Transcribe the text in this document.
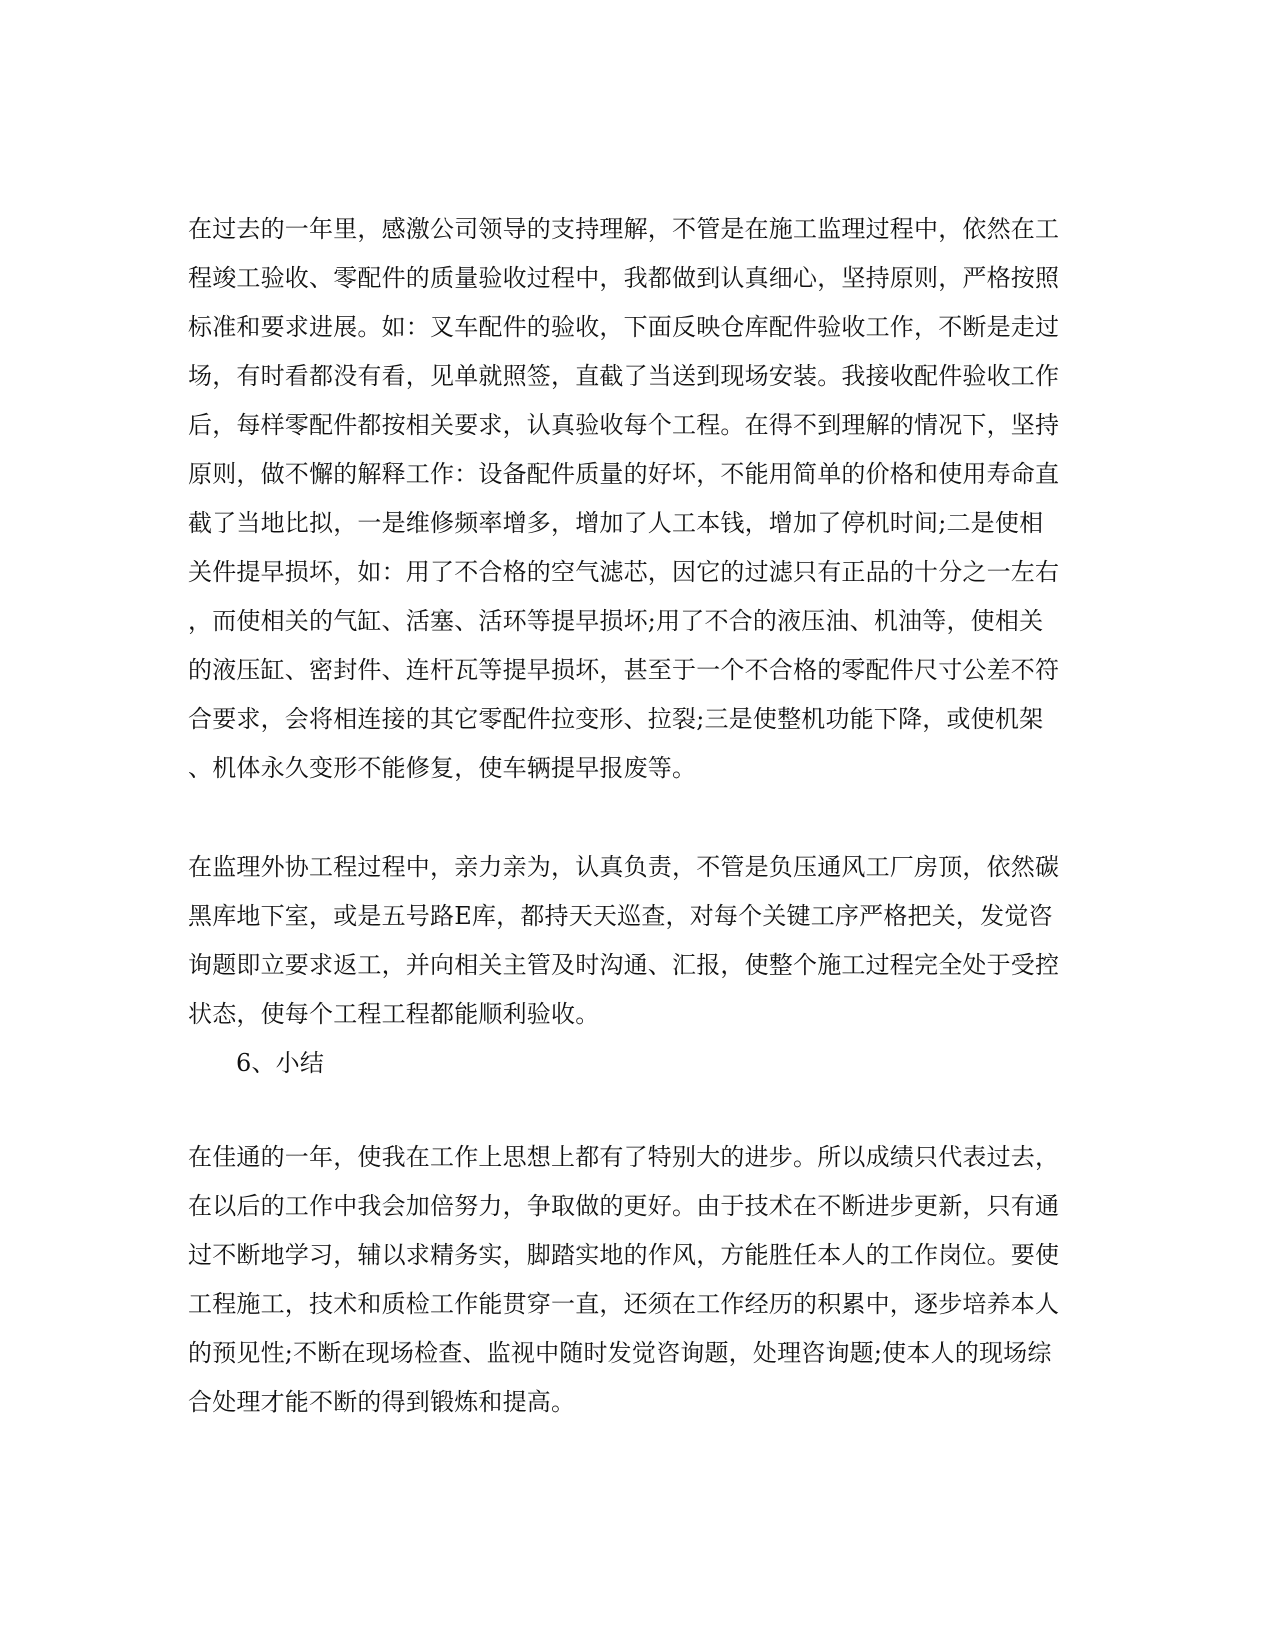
在过去的一年里，感激公司领导的支持理解，不管是在施工监理过程中，依然在工
程竣工验收、零配件的质量验收过程中，我都做到认真细心，坚持原则，严格按照
标准和要求进展。如：叉车配件的验收，下面反映仓库配件验收工作，不断是走过
场，有时看都没有看，见单就照签，直截了当送到现场安装。我接收配件验收工作
后，每样零配件都按相关要求，认真验收每个工程。在得不到理解的情况下，坚持
原则，做不懈的解释工作：设备配件质量的好坏，不能用简单的价格和使用寿命直
截了当地比拟，一是维修频率增多，增加了人工本钱，增加了停机时间;二是使相
关件提早损坏，如：用了不合格的空气滤芯，因它的过滤只有正品的十分之一左右
，而使相关的气缸、活塞、活环等提早损坏;用了不合的液压油、机油等，使相关
的液压缸、密封件、连杆瓦等提早损坏，甚至于一个不合格的零配件尺寸公差不符
合要求，会将相连接的其它零配件拉变形、拉裂;三是使整机功能下降，或使机架
、机体永久变形不能修复，使车辆提早报废等。
在监理外协工程过程中，亲力亲为，认真负责，不管是负压通风工厂房顶，依然碳
黑库地下室，或是五号路E库，都持天天巡查，对每个关键工序严格把关，发觉咨
询题即立要求返工，并向相关主管及时沟通、汇报，使整个施工过程完全处于受控
状态，使每个工程工程都能顺利验收。
6、小结
在佳通的一年，使我在工作上思想上都有了特别大的进步。所以成绩只代表过去，
在以后的工作中我会加倍努力，争取做的更好。由于技术在不断进步更新，只有通
过不断地学习，辅以求精务实，脚踏实地的作风，方能胜任本人的工作岗位。要使
工程施工，技术和质检工作能贯穿一直，还须在工作经历的积累中，逐步培养本人
的预见性;不断在现场检查、监视中随时发觉咨询题，处理咨询题;使本人的现场综
合处理才能不断的得到锻炼和提高。
